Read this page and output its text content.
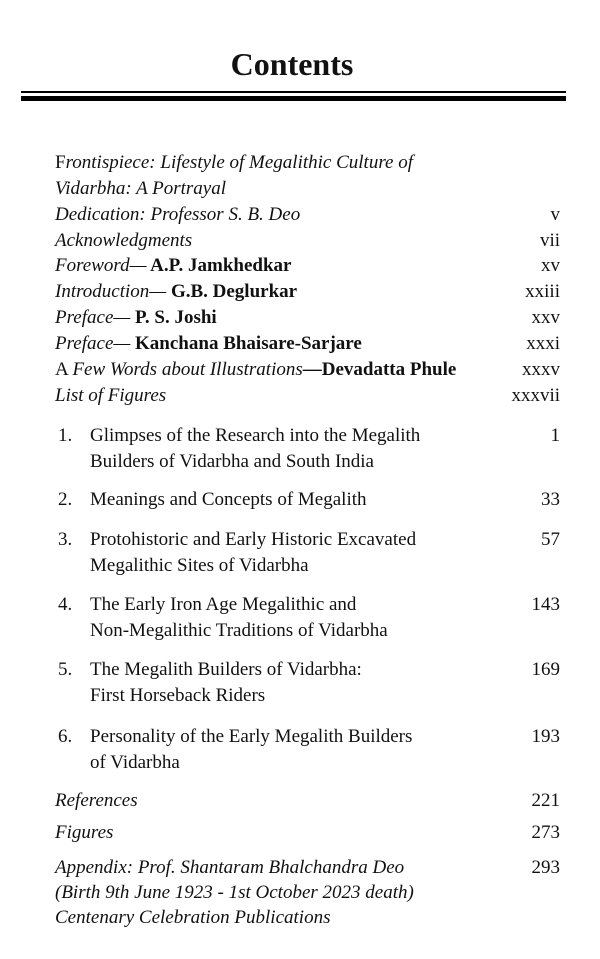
Contents
Frontispiece: Lifestyle of Megalithic Culture of
Vidarbha: A Portrayal
Dedication: Professor S. B. Deo	v
Acknowledgments	vii
Foreword— A.P. Jamkhedkar	xv
Introduction— G.B. Deglurkar	xxiii
Preface— P. S. Joshi	xxv
Preface— Kanchana Bhaisare-Sarjare	xxxi
A Few Words about Illustrations—Devadatta Phule	xxxv
List of Figures	xxxvii
References	221
Figures	273
Appendix: Prof. Shantaram Bhalchandra Deo	293
(Birth 9th June 1923 - 1st October 2023 death)
Centenary Celebration Publications
1. Glimpses of the Research into the Megalith	1
Builders of Vidarbha and South India
2. Meanings and Concepts of Megalith	33
3. Protohistoric and Early Historic Excavated	57
Megalithic Sites of Vidarbha
4. The Early Iron Age Megalithic and	143
Non-Megalithic Traditions of Vidarbha
5. The Megalith Builders of Vidarbha:	169
First Horseback Riders
6. Personality of the Early Megalith Builders	193
of Vidarbha
